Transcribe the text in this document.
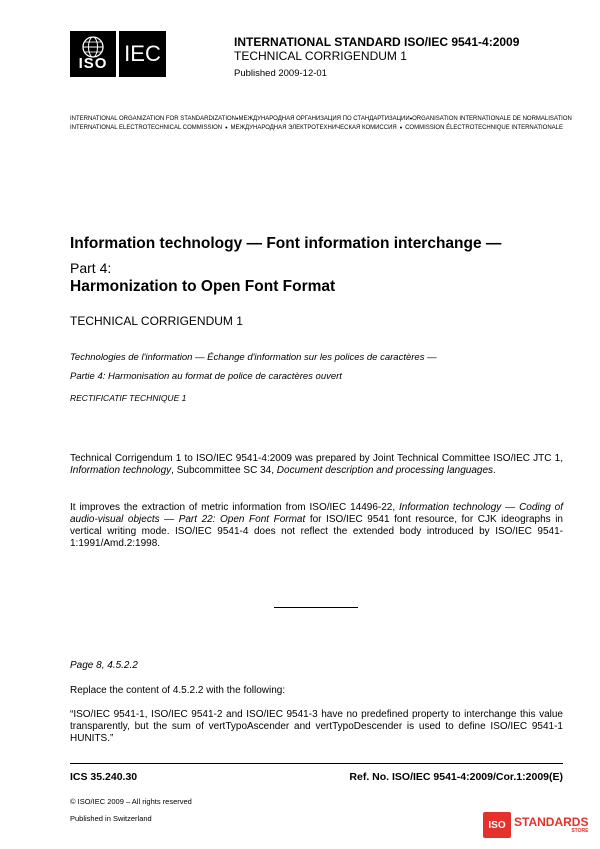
ISO IEC	INTERNATIONAL STANDARD ISO/IEC 9541-4:2009
TECHNICAL CORRIGENDUM 1
Published 2009-12-01
INTERNATIONAL ORGANIZATION FOR STANDARDIZATION • МЕЖДУНАРОДНАЯ ОРГАНИЗАЦИЯ ПО СТАНДАРТИЗАЦИИ • ORGANISATION INTERNATIONALE DE NORMALISATION
INTERNATIONAL ELECTROTECHNICAL COMMISSION • МЕЖДУНАРОДНАЯ ЭЛЕКТРОТЕХНИЧЕСКАЯ КОМИССИЯ • COMMISSION ÉLECTROTECHNIQUE INTERNATIONALE
Information technology — Font information interchange —
Part 4:
Harmonization to Open Font Format
TECHNICAL CORRIGENDUM 1
Technologies de l'information — Échange d'information sur les polices de caractères —
Partie 4: Harmonisation au format de police de caractères ouvert
RECTIFICATIF TECHNIQUE 1
Technical Corrigendum 1 to ISO/IEC 9541-4:2009 was prepared by Joint Technical Committee ISO/IEC JTC 1, Information technology, Subcommittee SC 34, Document description and processing languages.
It improves the extraction of metric information from ISO/IEC 14496-22, Information technology — Coding of audio-visual objects — Part 22: Open Font Format for ISO/IEC 9541 font resource, for CJK ideographs in vertical writing mode. ISO/IEC 9541-4 does not reflect the extended body introduced by ISO/IEC 9541-1:1991/Amd.2:1998.
Page 8, 4.5.2.2
Replace the content of 4.5.2.2 with the following:
“ISO/IEC 9541-1, ISO/IEC 9541-2 and ISO/IEC 9541-3 have no predefined property to interchange this value transparently, but the sum of vertTypoAscender and vertTypoDescender is used to define ISO/IEC 9541-1 HUNITS.”
ICS 35.240.30	Ref. No. ISO/IEC 9541-4:2009/Cor.1:2009(E)
© ISO/IEC 2009 – All rights reserved
Published in Switzerland
ISO STANDARDS
STORE
